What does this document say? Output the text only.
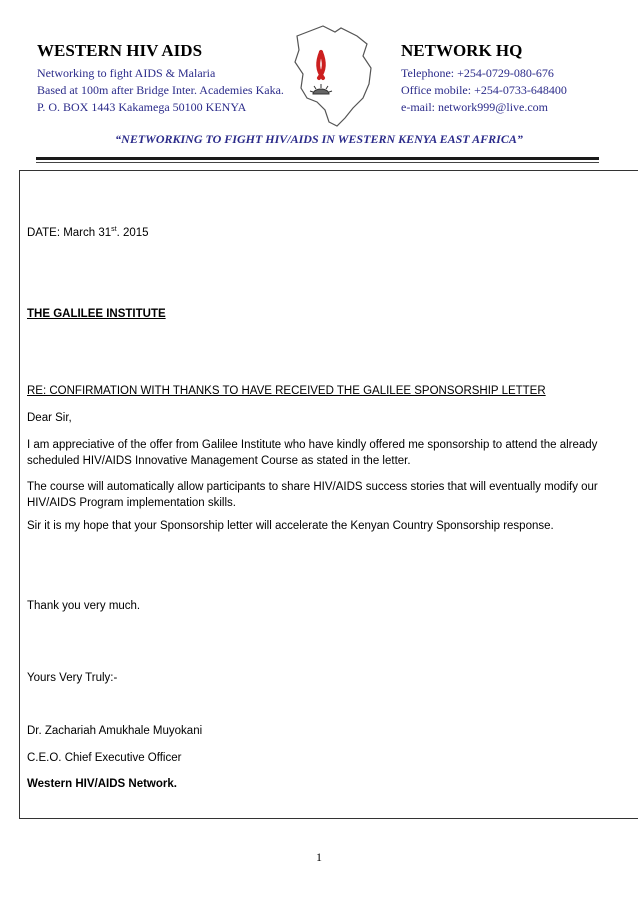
WESTERN HIV AIDS	NETWORK HQ
Networking to fight AIDS & Malaria
Based at 100m after Bridge Inter. Academies Kaka.
P. O. BOX 1443 Kakamega 50100 KENYA
Telephone: +254-0729-080-676
Office mobile: +254-0733-648400
e-mail: network999@live.com
“NETWORKING TO FIGHT HIV/AIDS IN WESTERN KENYA EAST AFRICA”
DATE: March 31st. 2015
THE GALILEE INSTITUTE
RE: CONFIRMATION WITH THANKS TO HAVE RECEIVED THE GALILEE SPONSORSHIP LETTER
Dear Sir,
I am appreciative of the offer from Galilee Institute who have kindly offered me sponsorship to attend the already scheduled HIV/AIDS Innovative Management Course as stated in the letter.
The course will automatically allow participants to share HIV/AIDS success stories that will eventually modify our HIV/AIDS Program implementation skills.
Sir it is my hope that your Sponsorship letter will accelerate the Kenyan Country Sponsorship response.
Thank you very much.
Yours Very Truly:-
Dr. Zachariah Amukhale Muyokani
C.E.O. Chief Executive Officer
Western HIV/AIDS Network.
1
